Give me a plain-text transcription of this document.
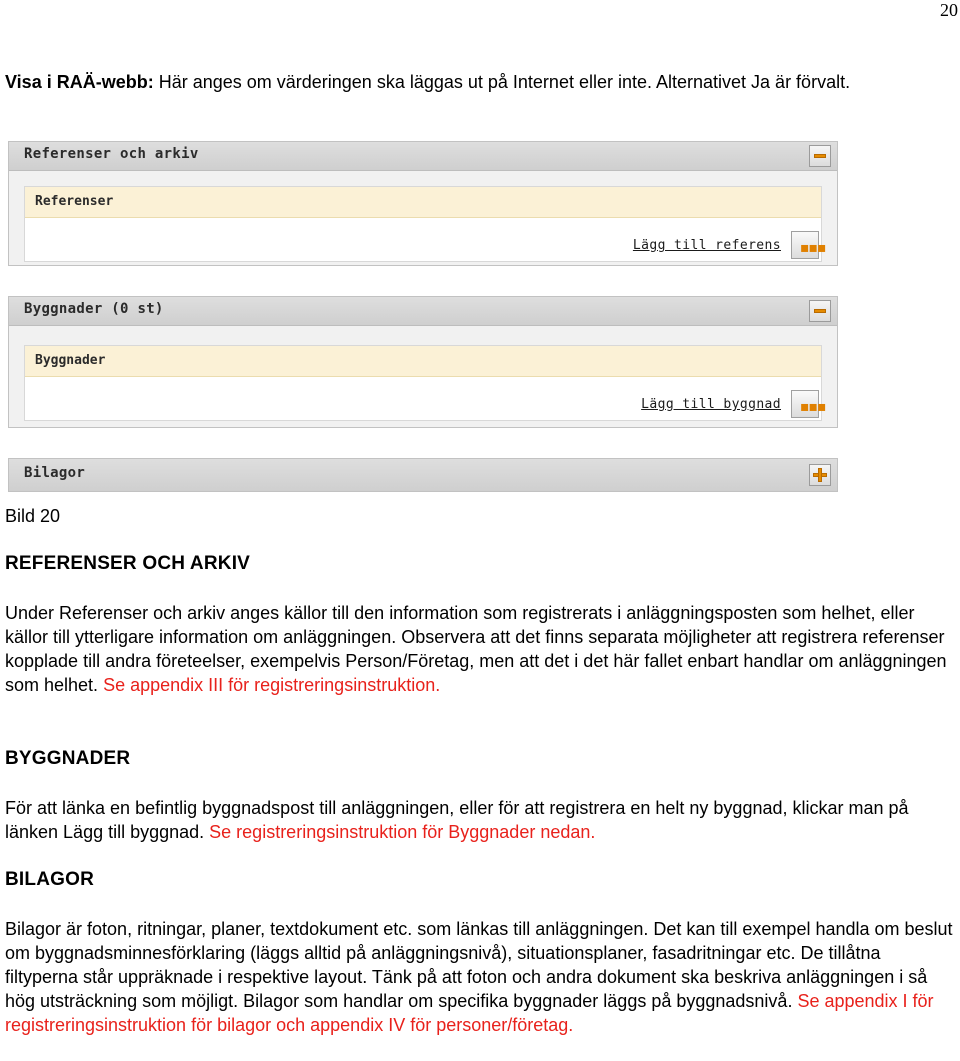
20

Visa i RAÄ-webb: Här anges om värderingen ska läggas ut på Internet eller inte. Alternativet Ja är förvalt.

Referenser och arkiv
Referenser
Lägg till referens ▪▪▪
Byggnader (0 st)
Byggnader
Lägg till byggnad ▪▪▪
Bilagor
Bild 20
REFERENSER OCH ARKIV

Under Referenser och arkiv anges källor till den information som registrerats i anläggningsposten som helhet, eller källor till ytterligare information om anläggningen. Observera att det finns separata möjligheter att registrera referenser kopplade till andra företeelser, exempelvis Person/Företag, men att det i det här fallet enbart handlar om anläggningen som helhet. Se appendix III för registreringsinstruktion.

BYGGNADER

För att länka en befintlig byggnadspost till anläggningen, eller för att registrera en helt ny byggnad, klickar man på länken Lägg till byggnad. Se registreringsinstruktion för Byggnader nedan.

BILAGOR

Bilagor är foton, ritningar, planer, textdokument etc. som länkas till anläggningen. Det kan till exempel handla om beslut om byggnadsminnesförklaring (läggs alltid på anläggningsnivå), situationsplaner, fasadritningar etc. De tillåtna filtyperna står uppräknade i respektive layout. Tänk på att foton och andra dokument ska beskriva anläggningen i så hög utsträckning som möjligt. Bilagor som handlar om specifika byggnader läggs på byggnadsnivå. Se appendix I för registreringsinstruktion för bilagor och appendix IV för personer/företag.
